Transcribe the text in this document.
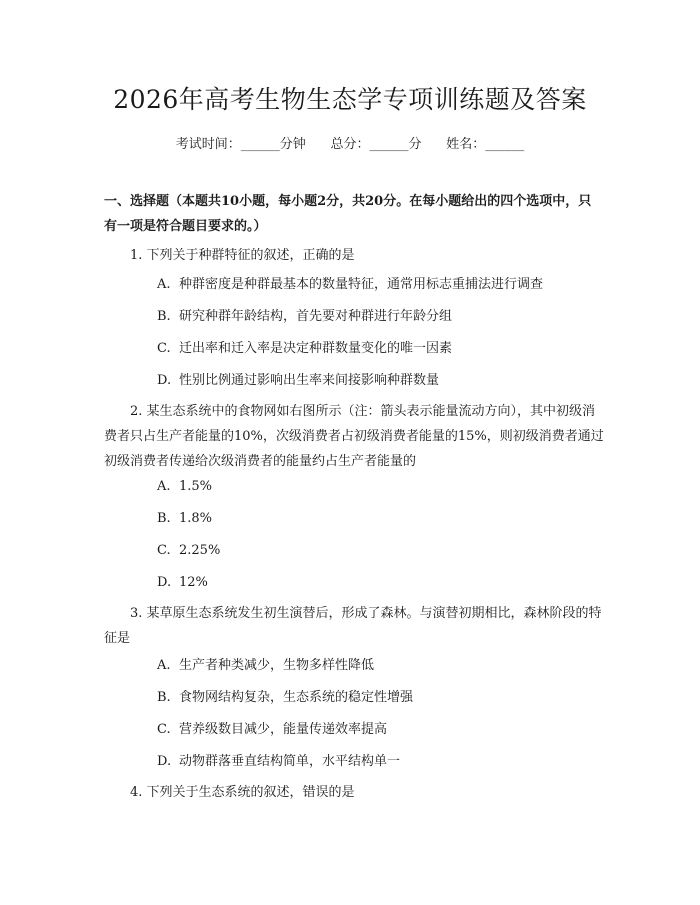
2026年高考生物生态学专项训练题及答案
考试时间：______分钟      总分：______分      姓名：______
一、选择题（本题共10小题，每小题2分，共20分。在每小题给出的四个选项中，只有一项是符合题目要求的。）
1. 下列关于种群特征的叙述，正确的是
A. 种群密度是种群最基本的数量特征，通常用标志重捕法进行调查
B. 研究种群年龄结构，首先要对种群进行年龄分组
C. 迁出率和迁入率是决定种群数量变化的唯一因素
D. 性别比例通过影响出生率来间接影响种群数量
2. 某生态系统中的食物网如右图所示（注：箭头表示能量流动方向），其中初级消费者只占生产者能量的10%，次级消费者占初级消费者能量的15%，则初级消费者通过初级消费者传递给次级消费者的能量约占生产者能量的
A. 1.5%
B. 1.8%
C. 2.25%
D. 12%
3. 某草原生态系统发生初生演替后，形成了森林。与演替初期相比，森林阶段的特征是
A. 生产者种类减少，生物多样性降低
B. 食物网结构复杂，生态系统的稳定性增强
C. 营养级数目减少，能量传递效率提高
D. 动物群落垂直结构简单，水平结构单一
4. 下列关于生态系统的叙述，错误的是
